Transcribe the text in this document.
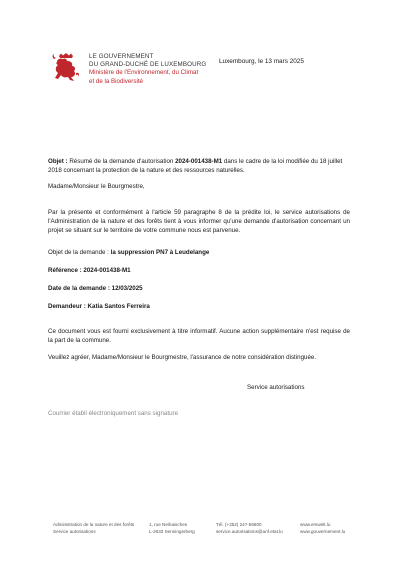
LE GOUVERNEMENT
DU GRAND-DUCHÉ DE LUXEMBOURG
Ministère de l'Environnement, du Climat
et de la Biodiversité
Luxembourg, le 13 mars 2025
Objet : Résumé de la demande d'autorisation 2024-001438-M1 dans le cadre de la loi modifiée du 18 juillet 2018 concernant la protection de la nature et des ressources naturelles.
Madame/Monsieur le Bourgmestre,
Par la présente et conformément à l'article 59 paragraphe 8 de la prédite loi, le service autorisations de l'Administration de la nature et des forêts tient à vous informer qu'une demande d'autorisation concernant un projet se situant sur le territoire de votre commune nous est parvenue.
Objet de la demande : la suppression PN7 à Leudelange
Référence : 2024-001438-M1
Date de la demande : 12/03/2025
Demandeur : Katia Santos Ferreira
Ce document vous est fourni exclusivement à titre informatif. Aucune action supplémentaire n'est requise de la part de la commune.
Veuillez agréer, Madame/Monsieur le Bourgmestre, l'assurance de notre considération distinguée.
Service autorisations
Courrier établi électroniquement sans signature
Administration de la nature et des forêts
Service autorisations
1, rue Neihaischen
L-2633 Senningerberg
Tél. (+352) 247-56600
service.autorisations@anf.etat.lu
www.emwelt.lu
www.gouvernement.lu
